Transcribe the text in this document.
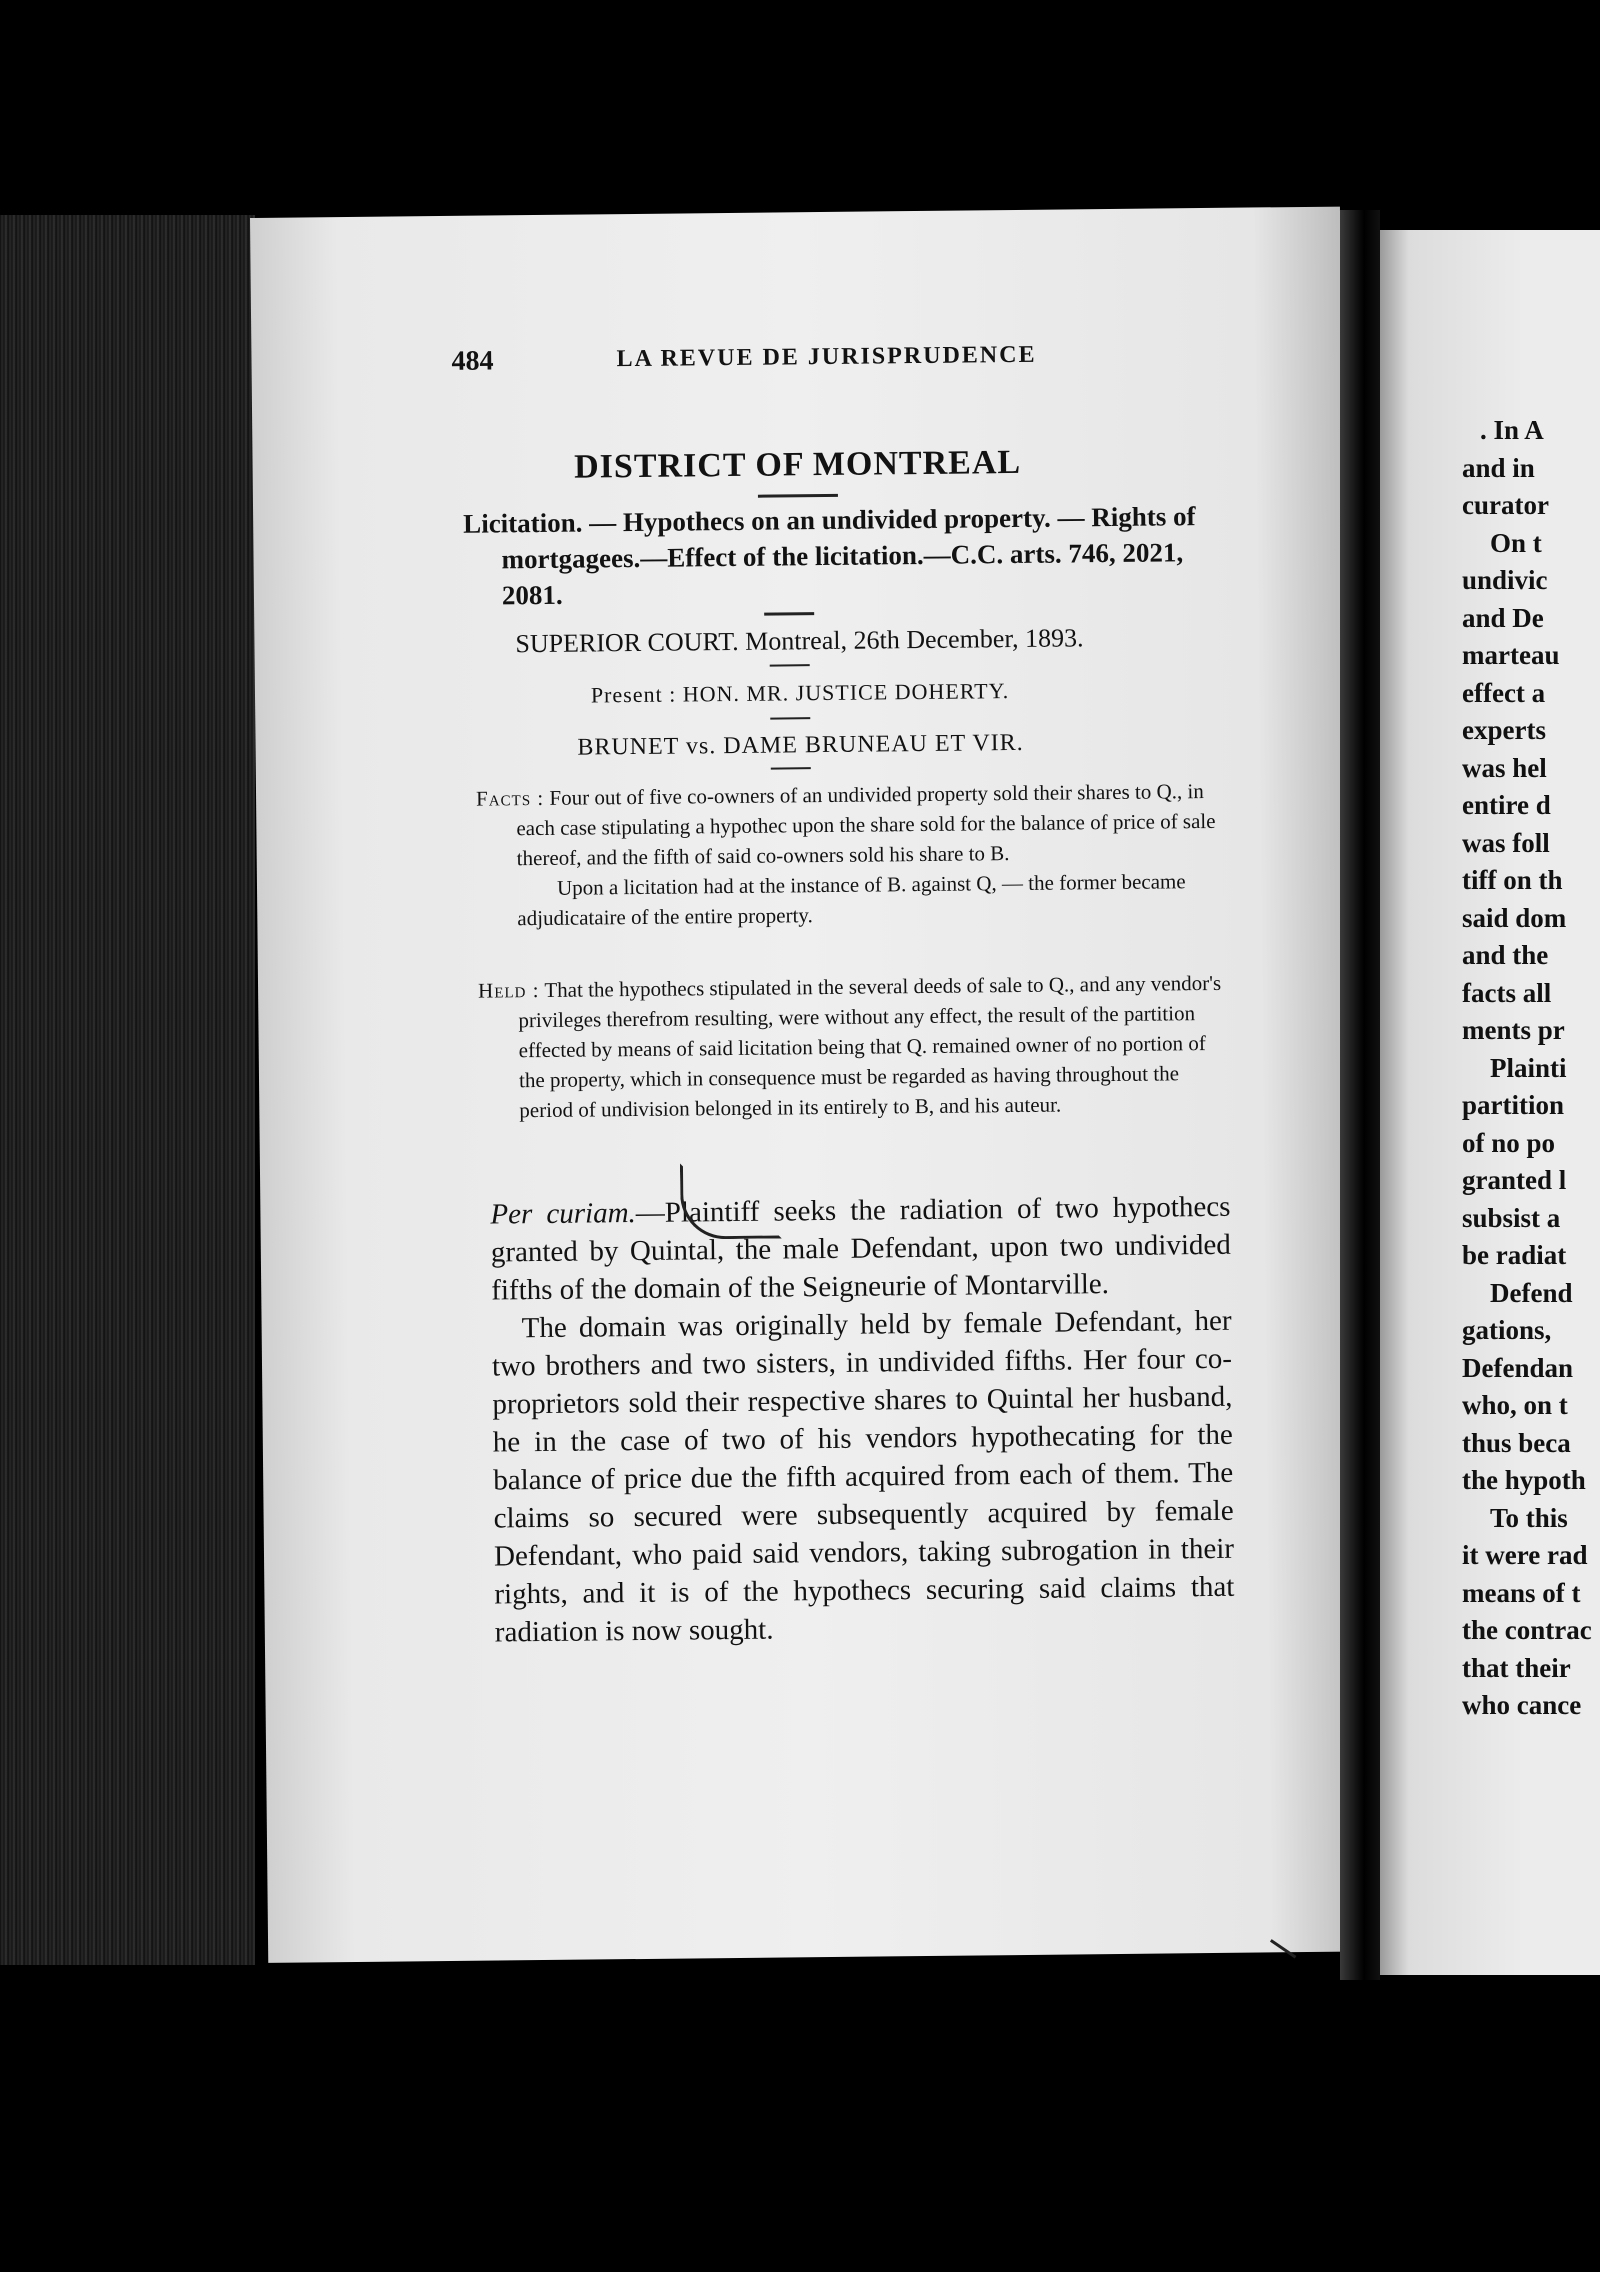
484	LA REVUE DE JURISPRUDENCE
DISTRICT OF MONTREAL
Licitation. — Hypothecs on an undivided property. — Rights of mortgagees.—Effect of the licitation.—C.C. arts. 746, 2021, 2081.
SUPERIOR COURT. Montreal, 26th December, 1893.
Present : HON. MR. JUSTICE DOHERTY.
BRUNET vs. DAME BRUNEAU ET VIR.

Facts : Four out of five co-owners of an undivided property sold their shares to Q., in each case stipulating a hypothec upon the share sold for the balance of price of sale thereof, and the fifth of said co-owners sold his share to B.

Upon a licitation had at the instance of B. against Q, — the former became adjudicataire of the entire property.

Held : That the hypothecs stipulated in the several deeds of sale to Q., and any vendor's privileges therefrom resulting, were without any effect, the result of the partition effected by means of said licitation being that Q. remained owner of no portion of the property, which in consequence must be regarded as having throughout the period of undivision belonged in its entirely to B, and his auteur.

Per curiam.—Plaintiff seeks the radiation of two hypothecs granted by Quintal, the male Defendant, upon two undivided fifths of the domain of the Seigneurie of Montarville.

The domain was originally held by female Defendant, her two brothers and two sisters, in undivided fifths. Her four co-proprietors sold their respective shares to Quintal her husband, he in the case of two of his vendors hypothecating for the balance of price due the fifth acquired from each of them. The claims so secured were subsequently acquired by female Defendant, who paid said vendors, taking subrogation in their rights, and it is of the hypothecs securing said claims that radiation is now sought.

. In A
and in
curator
On t
undivic
and De
marteau
effect a
experts
was hel
entire d
was foll
tiff on th
said dom
and the
facts all
ments pr
Plainti
partition
of no po
granted l
subsist a
be radiat
Defend
gations,
Defendan
who, on t
thus beca
the hypoth
To this
it were rad
means of t
the contrac
that their
who cance
